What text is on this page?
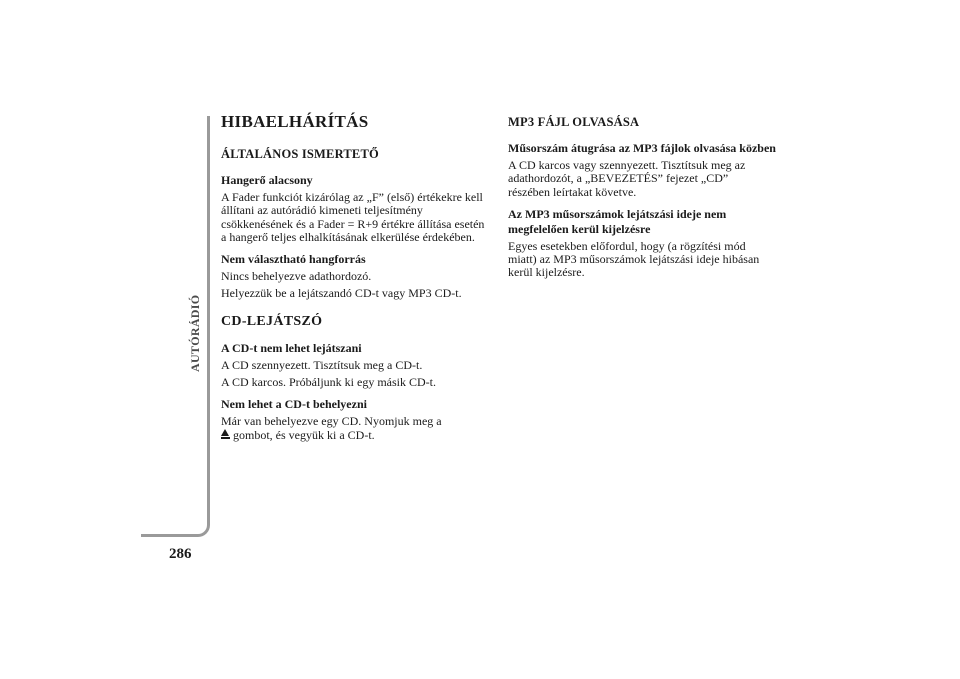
AUTÓRÁDIÓ
286
HIBAELHÁRÍTÁS
ÁLTALÁNOS ISMERTETŐ
Hangerő alacsony
A Fader funkciót kizárólag az „F” (első) értékekre kell
állítani az autórádió kimeneti teljesítmény
csökkenésének és a Fader = R+9 értékre állítása esetén
a hangerő teljes elhalkításának elkerülése érdekében.
Nem választható hangforrás
Nincs behelyezve adathordozó.
Helyezzük be a lejátszandó CD-t vagy MP3 CD-t.
CD-LEJÁTSZÓ
A CD-t nem lehet lejátszani
A CD szennyezett. Tisztítsuk meg a CD-t.
A CD karcos. Próbáljunk ki egy másik CD-t.
Nem lehet a CD-t behelyezni
Már van behelyezve egy CD. Nyomjuk meg a
gombot, és vegyük ki a CD-t.
MP3 FÁJL OLVASÁSA
Műsorszám átugrása az MP3 fájlok olvasása közben
A CD karcos vagy szennyezett. Tisztítsuk meg az
adathordozót, a „BEVEZETÉS” fejezet „CD”
részében leírtakat követve.
Az MP3 műsorszámok lejátszási ideje nem
megfelelően kerül kijelzésre
Egyes esetekben előfordul, hogy (a rögzítési mód
miatt) az MP3 műsorszámok lejátszási ideje hibásan
kerül kijelzésre.
